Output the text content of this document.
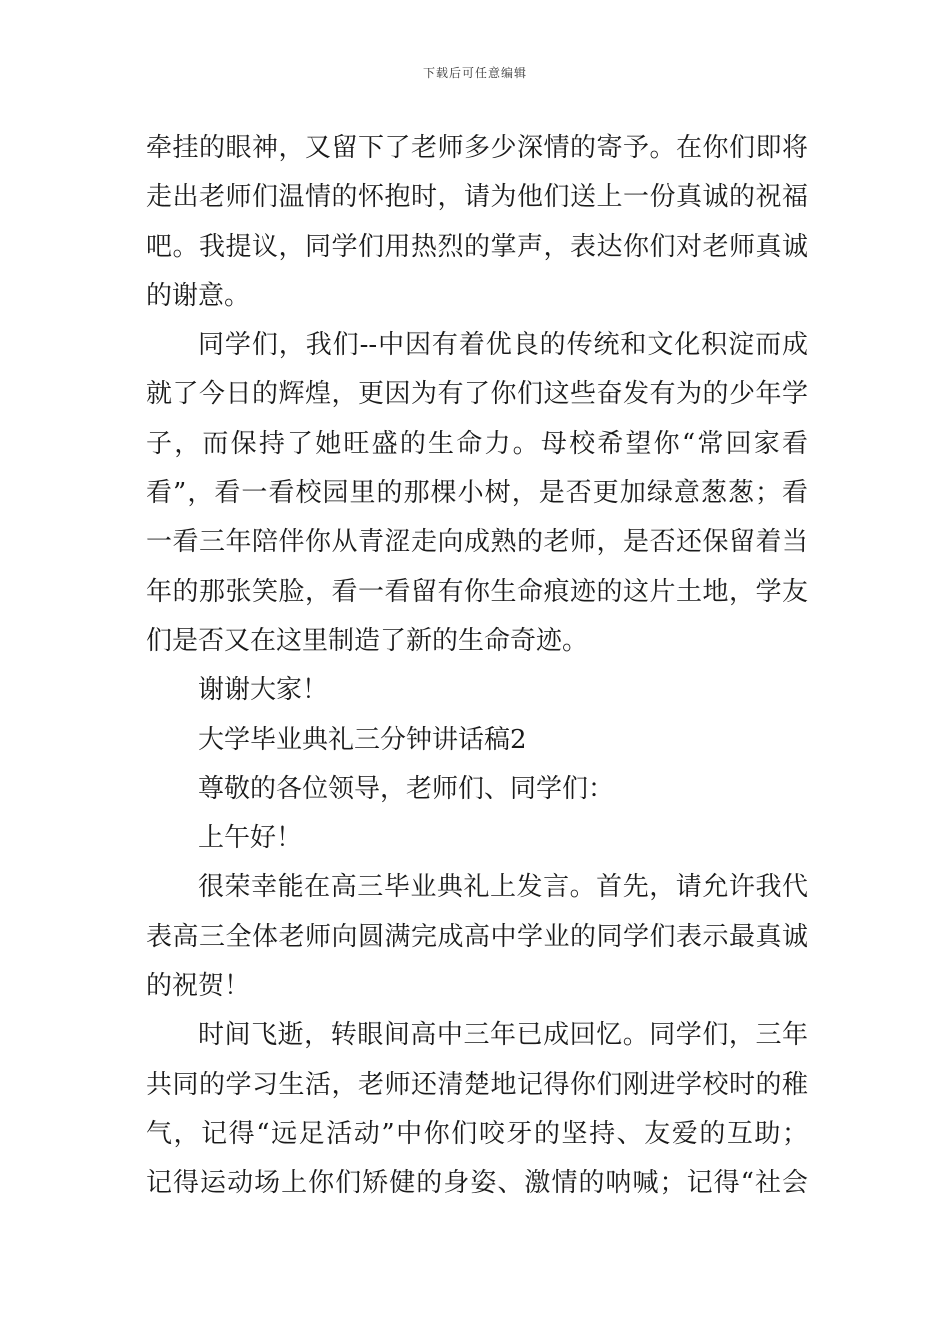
下载后可任意编辑
牵挂的眼神，又留下了老师多少深情的寄予。在你们即将
走出老师们温情的怀抱时，请为他们送上一份真诚的祝福
吧。我提议，同学们用热烈的掌声，表达你们对老师真诚
的谢意。
同学们，我们--中因有着优良的传统和文化积淀而成
就了今日的辉煌，更因为有了你们这些奋发有为的少年学
子，而保持了她旺盛的生命力。母校希望你“常回家看
看”，看一看校园里的那棵小树，是否更加绿意葱葱；看
一看三年陪伴你从青涩走向成熟的老师，是否还保留着当
年的那张笑脸，看一看留有你生命痕迹的这片土地，学友
们是否又在这里制造了新的生命奇迹。
谢谢大家！
大学毕业典礼三分钟讲话稿2
尊敬的各位领导，老师们、同学们：
上午好！
很荣幸能在高三毕业典礼上发言。首先，请允许我代
表高三全体老师向圆满完成高中学业的同学们表示最真诚
的祝贺！
时间飞逝，转眼间高中三年已成回忆。同学们，三年
共同的学习生活，老师还清楚地记得你们刚进学校时的稚
气，记得“远足活动”中你们咬牙的坚持、友爱的互助；
记得运动场上你们矫健的身姿、激情的呐喊；记得“社会
